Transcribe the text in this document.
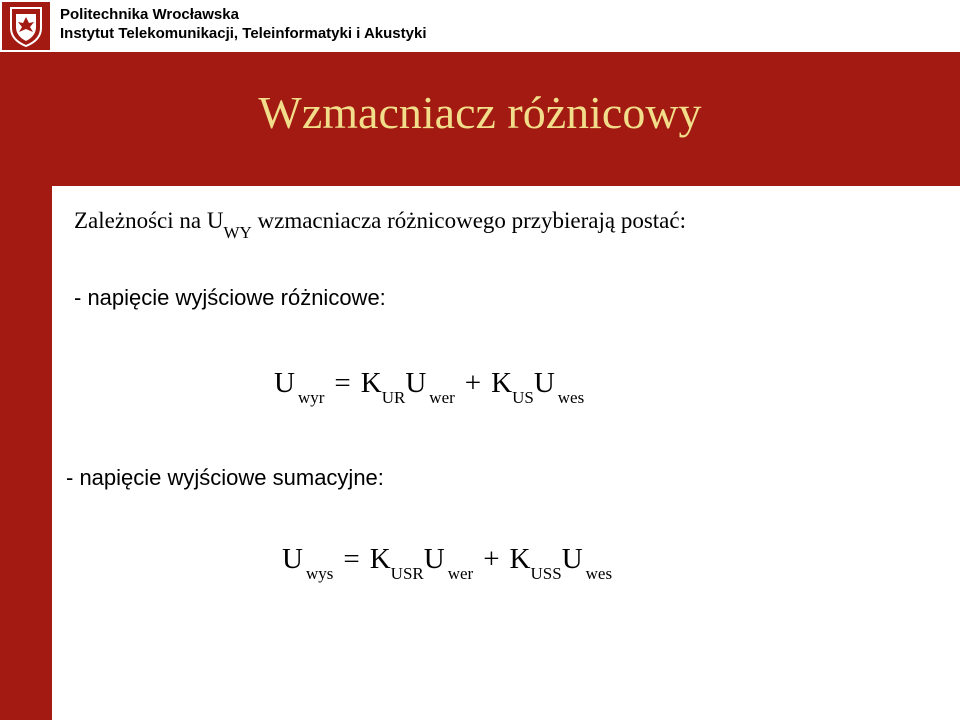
Politechnika Wrocławska
Instytut Telekomunikacji, Teleinformatyki i Akustyki
Wzmacniacz różnicowy
Zależności na $U_{WY}$ wzmacniacza różnicowego przybierają postać:
- napięcie wyjściowe różnicowe:
U $_{wyr} = K_{UR}U$ $_{wer} + K_{US}U$ $_{wes}$
- napięcie wyjściowe sumacyjne:
U $_{wys} = K_{USR}U$ $_{wer} + K_{USS}U$ $_{wes}$
